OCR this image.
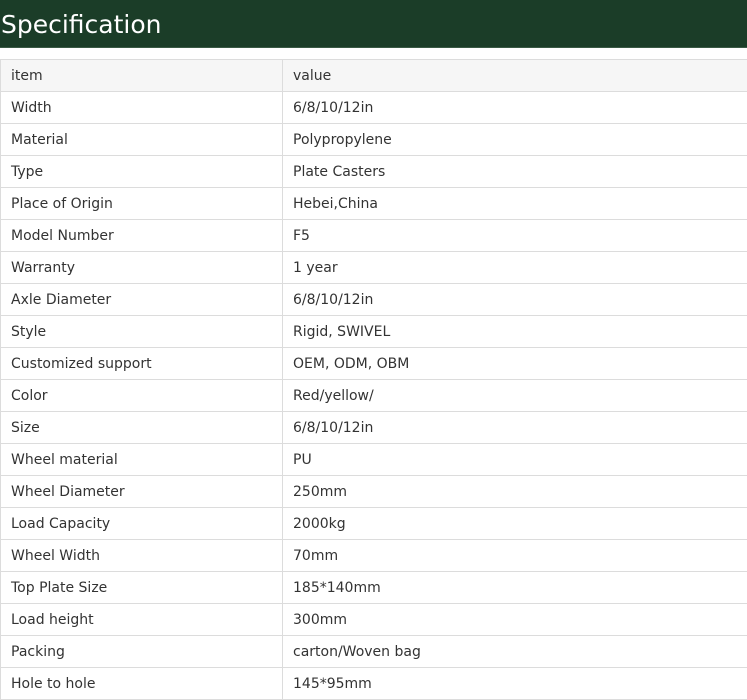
Specification
item	value
Width	6/8/10/12in
Material	Polypropylene
Type	Plate Casters
Place of Origin	Hebei,China
Model Number	F5
Warranty	1 year
Axle Diameter	6/8/10/12in
Style	Rigid, SWIVEL
Customized support	OEM, ODM, OBM
Color	Red/yellow/
Size	6/8/10/12in
Wheel material	PU
Wheel Diameter	250mm
Load Capacity	2000kg
Wheel Width	70mm
Top Plate Size	185*140mm
Load height	300mm
Packing	carton/Woven bag
Hole to hole	145*95mm
